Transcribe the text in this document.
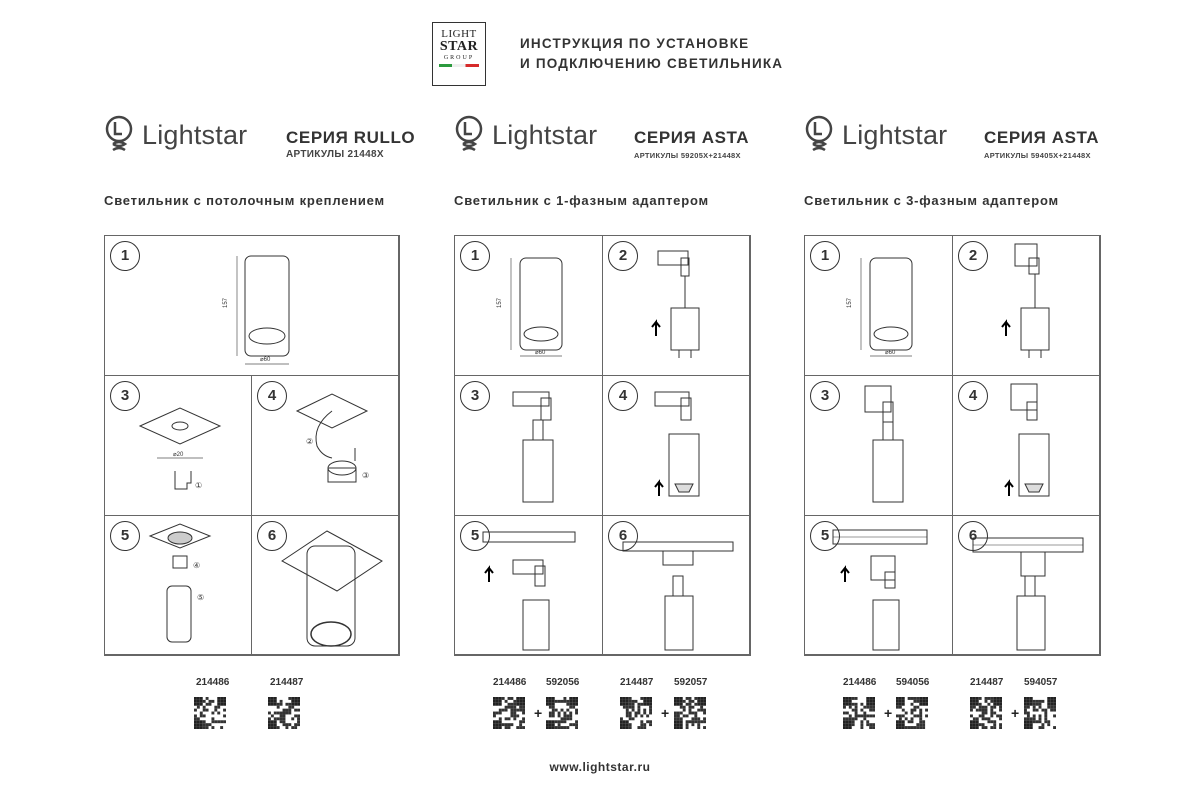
LIGHT
STAR
GROUP
ИНСТРУКЦИЯ ПО УСТАНОВКЕ
И ПОДКЛЮЧЕНИЮ СВЕТИЛЬНИКА
Lightstar СЕРИЯ RULLO
АРТИКУЛЫ 21448X
Светильник с потолочным креплением
1
157
⌀60
3
⌀20
①
4
②
③
5
④
⑤
6
214486	214487
Lightstar СЕРИЯ ASTA
АРТИКУЛЫ 59205X+21448X
Светильник с 1-фазным адаптером
1
157
⌀60
2
3	4
5	6
214486 592056	214487 592057
+	+
Lightstar СЕРИЯ ASTA
АРТИКУЛЫ 59405X+21448X
Светильник с 3-фазным адаптером
1
157
⌀60
2
3	4
5	6
214486 594056	214487 594057
+	+
www.lightstar.ru
